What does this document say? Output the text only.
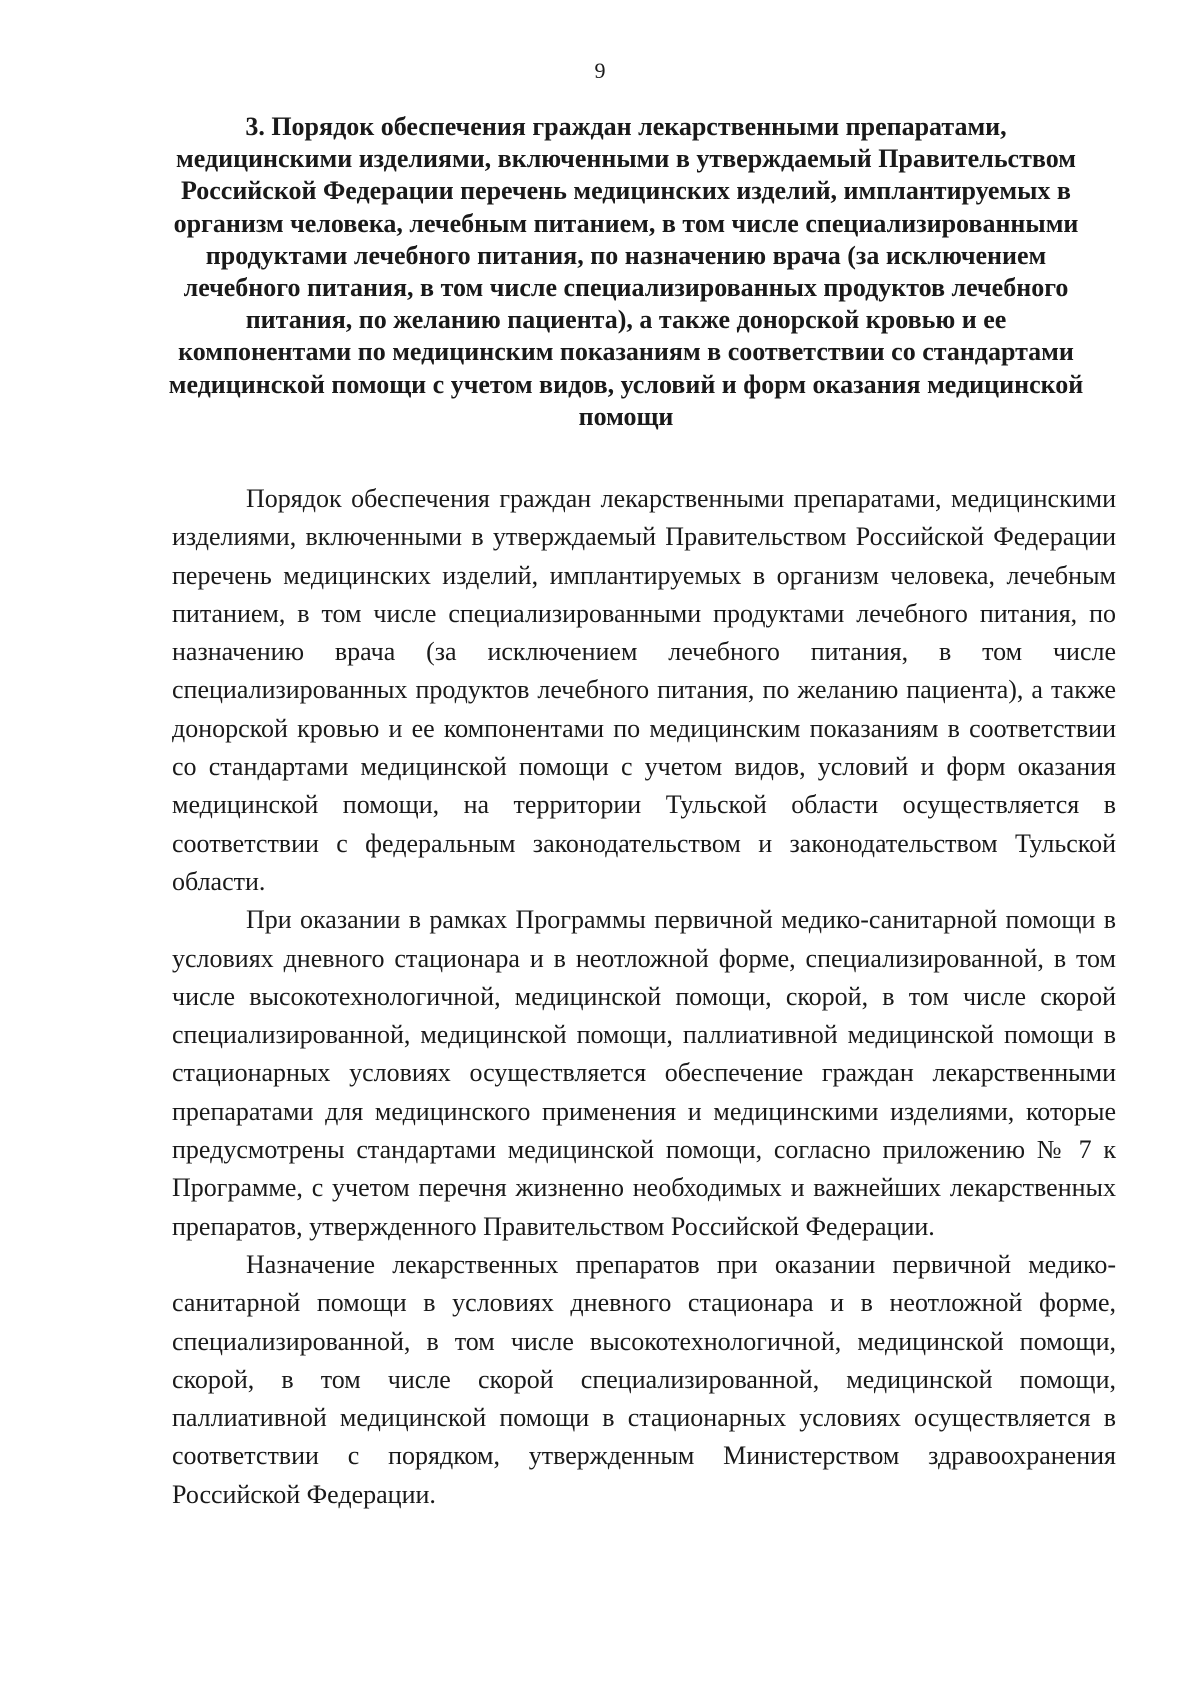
9
3. Порядок обеспечения граждан лекарственными препаратами, медицинскими изделиями, включенными в утверждаемый Правительством Российской Федерации перечень медицинских изделий, имплантируемых в организм человека, лечебным питанием, в том числе специализированными продуктами лечебного питания, по назначению врача (за исключением лечебного питания, в том числе специализированных продуктов лечебного питания, по желанию пациента), а также донорской кровью и ее компонентами по медицинским показаниям в соответствии со стандартами медицинской помощи с учетом видов, условий и форм оказания медицинской помощи

Порядок обеспечения граждан лекарственными препаратами, медицинскими изделиями, включенными в утверждаемый Правительством Российской Федерации перечень медицинских изделий, имплантируемых в организм человека, лечебным питанием, в том числе специализированными продуктами лечебного питания, по назначению врача (за исключением лечебного питания, в том числе специализированных продуктов лечебного питания, по желанию пациента), а также донорской кровью и ее компонентами по медицинским показаниям в соответствии со стандартами медицинской помощи с учетом видов, условий и форм оказания медицинской помощи, на территории Тульской области осуществляется в соответствии с федеральным законодательством и законодательством Тульской области.

При оказании в рамках Программы первичной медико-санитарной помощи в условиях дневного стационара и в неотложной форме, специализированной, в том числе высокотехнологичной, медицинской помощи, скорой, в том числе скорой специализированной, медицинской помощи, паллиативной медицинской помощи в стационарных условиях осуществляется обеспечение граждан лекарственными препаратами для медицинского применения и медицинскими изделиями, которые предусмотрены стандартами медицинской помощи, согласно приложению № 7 к Программе, с учетом перечня жизненно необходимых и важнейших лекарственных препаратов, утвержденного Правительством Российской Федерации.

Назначение лекарственных препаратов при оказании первичной медико-санитарной помощи в условиях дневного стационара и в неотложной форме, специализированной, в том числе высокотехнологичной, медицинской помощи, скорой, в том числе скорой специализированной, медицинской помощи, паллиативной медицинской помощи в стационарных условиях осуществляется в соответствии с порядком, утвержденным Министерством здравоохранения Российской Федерации.
